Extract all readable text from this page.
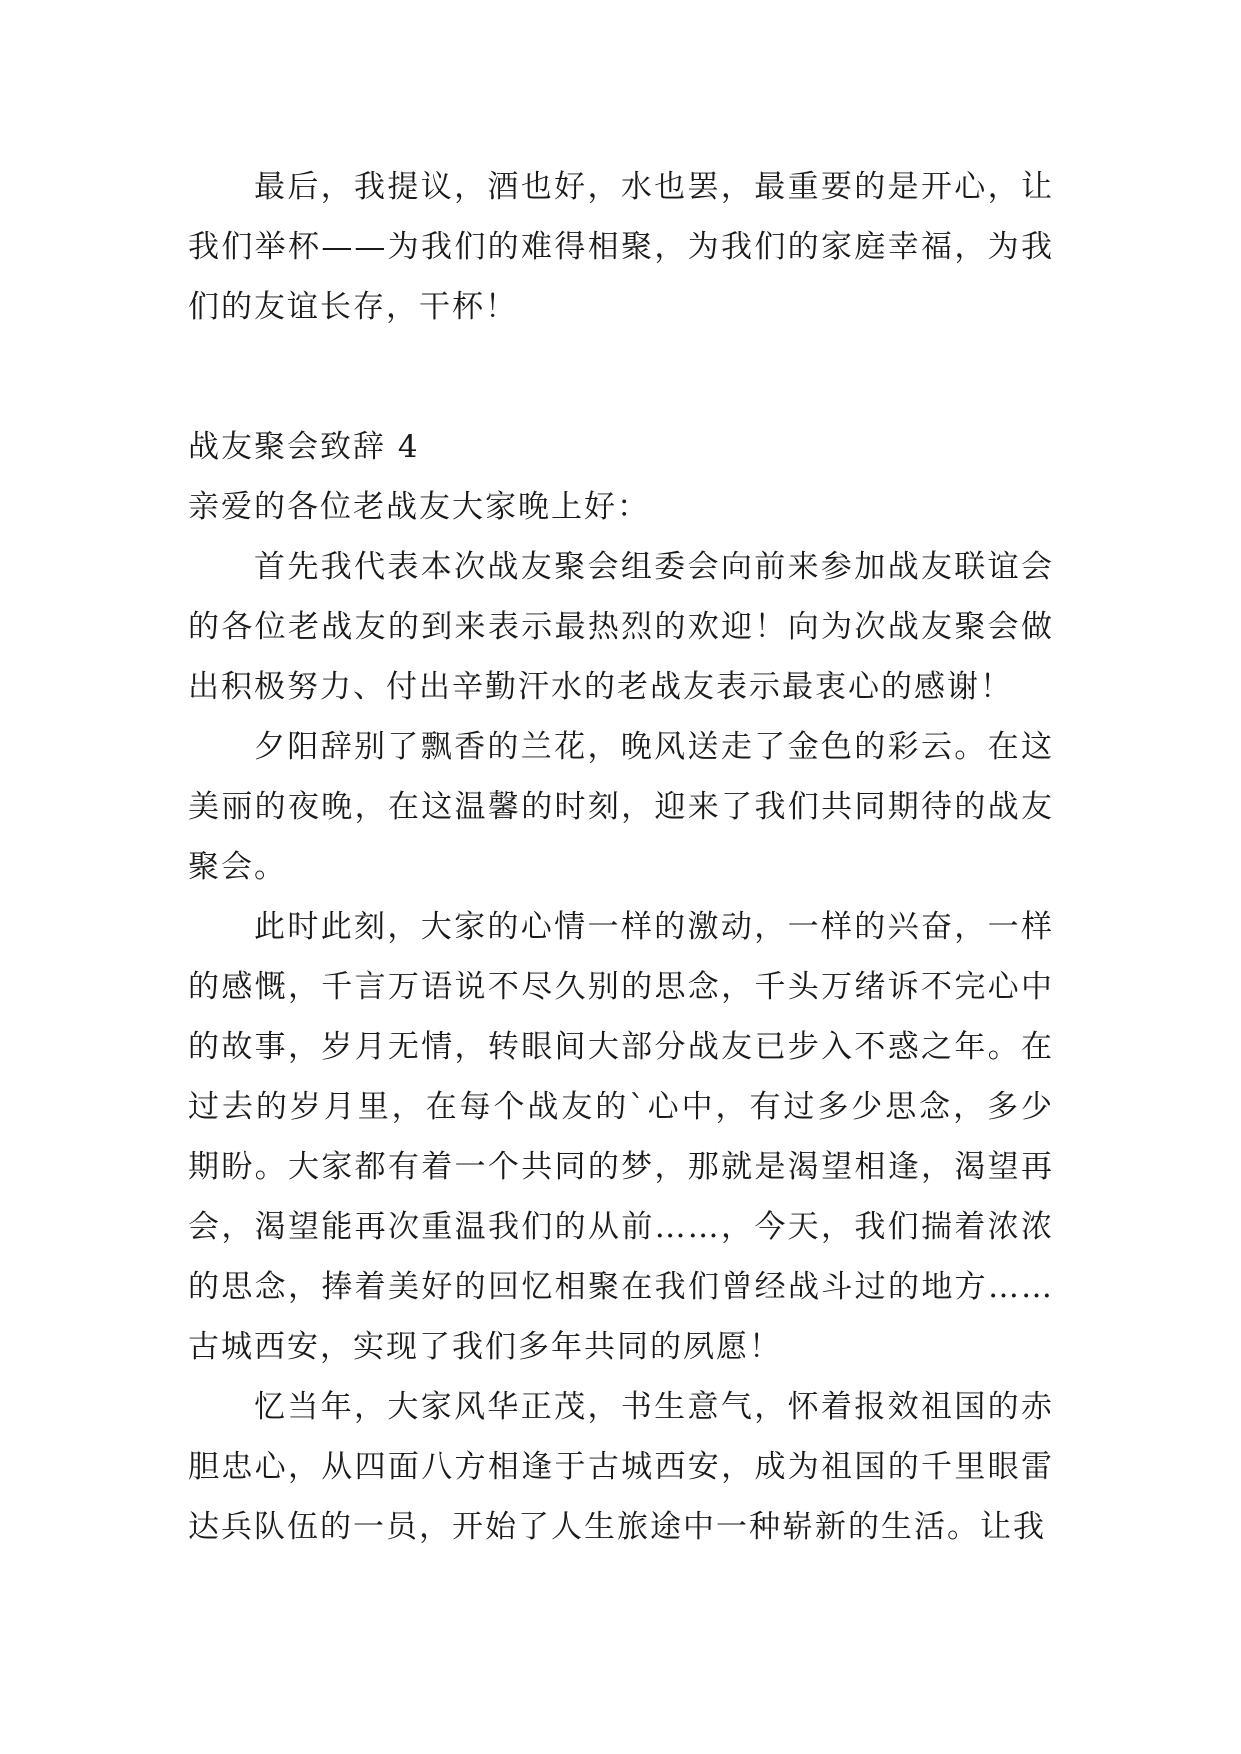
最后，我提议，酒也好，水也罢，最重要的是开心，让我们举杯——为我们的难得相聚，为我们的家庭幸福，为我们的友谊长存，干杯！

战友聚会致辞 4

亲爱的各位老战友大家晚上好：

首先我代表本次战友聚会组委会向前来参加战友联谊会的各位老战友的到来表示最热烈的欢迎！向为次战友聚会做出积极努力、付出辛勤汗水的老战友表示最衷心的感谢！

夕阳辞别了飘香的兰花，晚风送走了金色的彩云。在这美丽的夜晚，在这温馨的时刻，迎来了我们共同期待的战友聚会。

此时此刻，大家的心情一样的激动，一样的兴奋，一样的感慨，千言万语说不尽久别的思念，千头万绪诉不完心中的故事，岁月无情，转眼间大部分战友已步入不惑之年。在过去的岁月里，在每个战友的`心中，有过多少思念，多少期盼。大家都有着一个共同的梦，那就是渴望相逢，渴望再会，渴望能再次重温我们的从前……，今天，我们揣着浓浓的思念，捧着美好的回忆相聚在我们曾经战斗过的地方……古城西安，实现了我们多年共同的夙愿！

忆当年，大家风华正茂，书生意气，怀着报效祖国的赤胆忠心，从四面八方相逢于古城西安，成为祖国的千里眼雷达兵队伍的一员，开始了人生旅途中一种崭新的生活。让我
